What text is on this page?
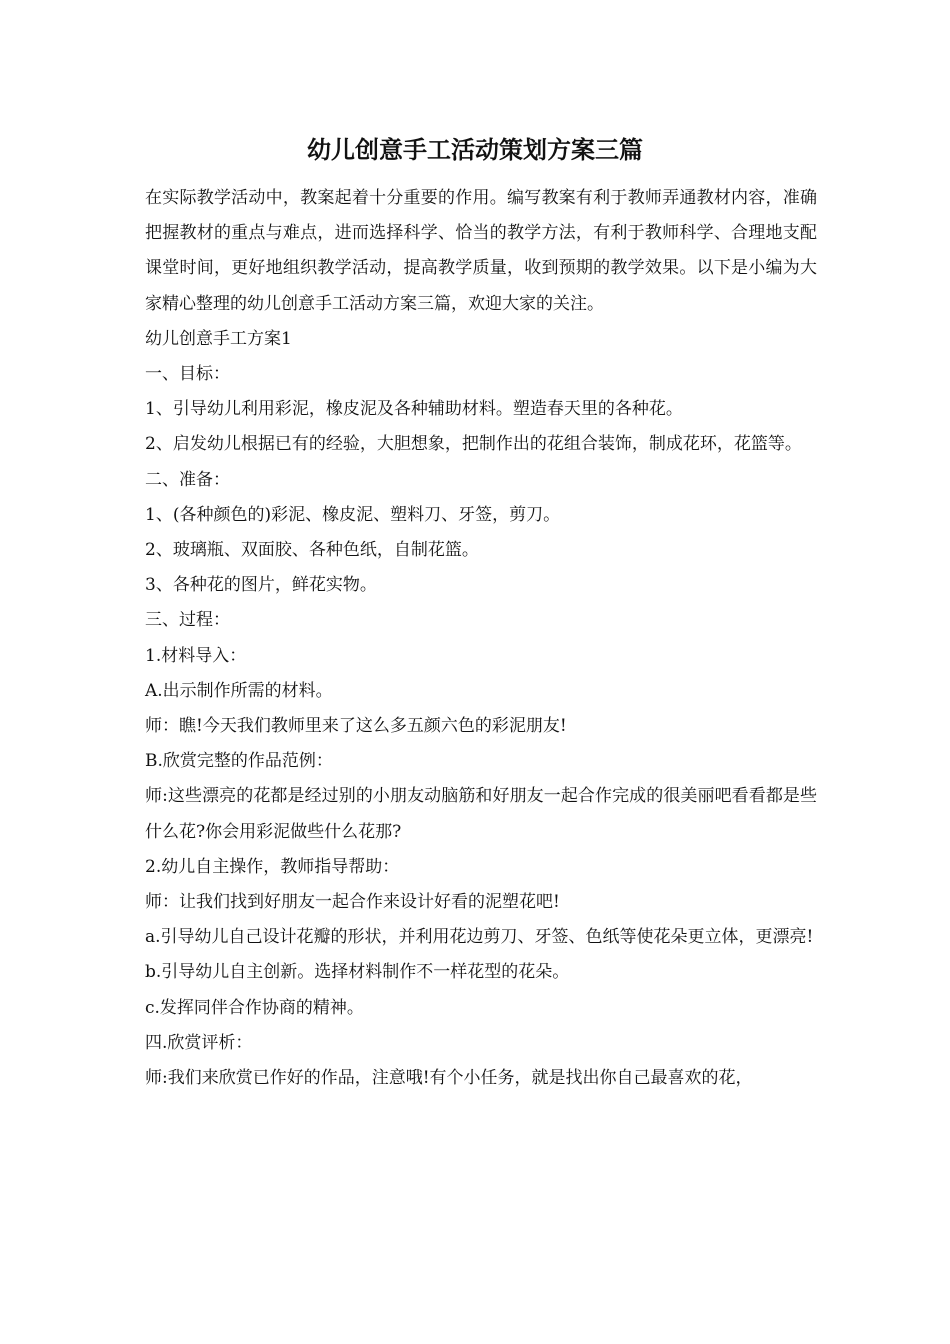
幼儿创意手工活动策划方案三篇

在实际教学活动中，教案起着十分重要的作用。编写教案有利于教师弄通教材内容，准确把握教材的重点与难点，进而选择科学、恰当的教学方法，有利于教师科学、合理地支配课堂时间，更好地组织教学活动，提高教学质量，收到预期的教学效果。以下是小编为大家精心整理的幼儿创意手工活动方案三篇，欢迎大家的关注。

幼儿创意手工方案1

一、目标：

1、引导幼儿利用彩泥，橡皮泥及各种辅助材料。塑造春天里的各种花。

2、启发幼儿根据已有的经验，大胆想象，把制作出的花组合装饰，制成花环，花篮等。

二、准备：

1、(各种颜色的)彩泥、橡皮泥、塑料刀、牙签，剪刀。

2、玻璃瓶、双面胶、各种色纸，自制花篮。

3、各种花的图片，鲜花实物。

三、过程：

1.材料导入：

A.出示制作所需的材料。

师：瞧!今天我们教师里来了这么多五颜六色的彩泥朋友!

B.欣赏完整的作品范例：

师:这些漂亮的花都是经过别的小朋友动脑筋和好朋友一起合作完成的很美丽吧看看都是些什么花?你会用彩泥做些什么花那?

2.幼儿自主操作，教师指导帮助：

师：让我们找到好朋友一起合作来设计好看的泥塑花吧!

a.引导幼儿自己设计花瓣的形状，并利用花边剪刀、牙签、色纸等使花朵更立体，更漂亮!

b.引导幼儿自主创新。选择材料制作不一样花型的花朵。

c.发挥同伴合作协商的精神。

四.欣赏评析：

师:我们来欣赏已作好的作品，注意哦!有个小任务，就是找出你自己最喜欢的花，
